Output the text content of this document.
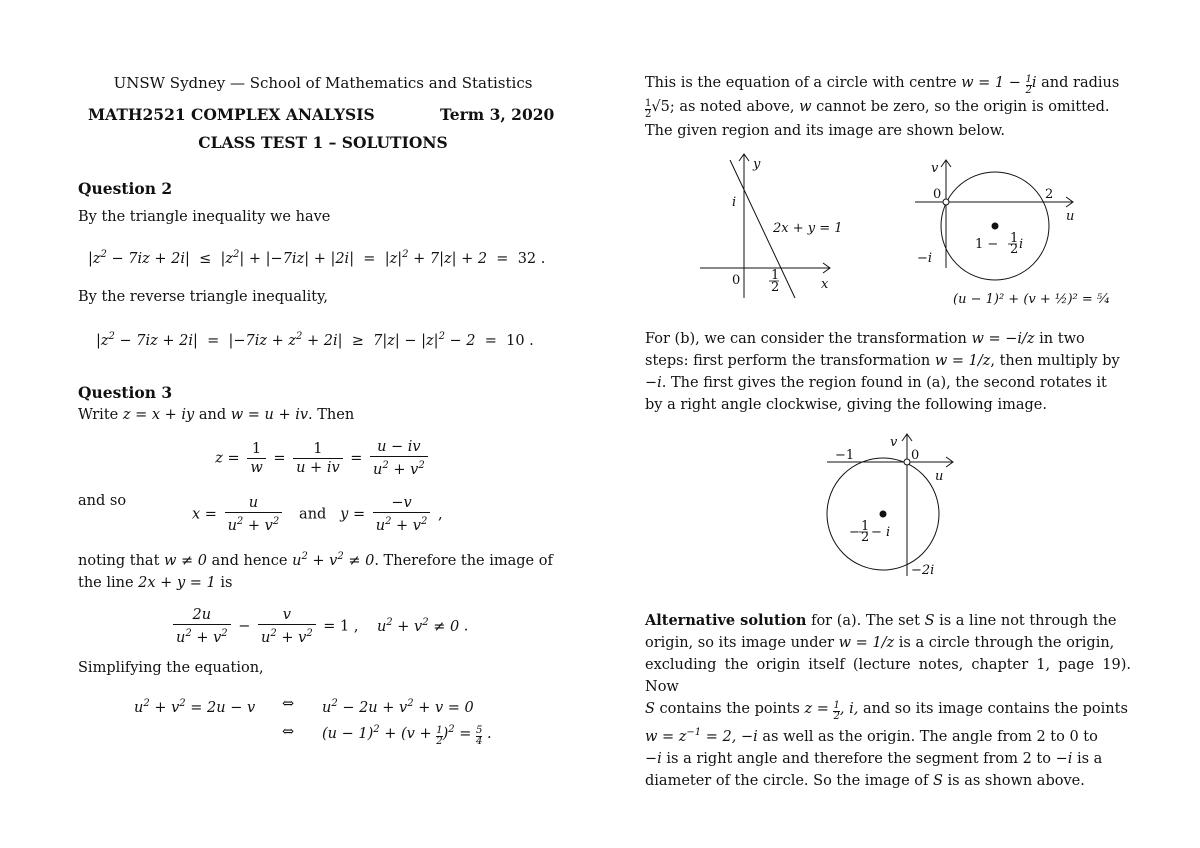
UNSW Sydney — School of Mathematics and Statistics
MATH2521 COMPLEX ANALYSIS	Term 3, 2020
CLASS TEST 1 – SOLUTIONS
Question 2
By the triangle inequality we have
$|z^2 - 7iz + 2i| \le |z^2| + |-7iz| + |2i| = |z|^2 + 7|z| + 2 = 32$ .
By the reverse triangle inequality,
$|z^2 - 7iz + 2i| = |-7iz + z^2 + 2i| \ge 7|z| - |z|^2 - 2 = 10$ .
Question 3
Write z = x + iy and w = u + iv. Then
$z = \frac{1}{w} = \frac{1}{u + iv} = \frac{u - iv}{u^2 + v^2}$
and so
$x = \frac{u}{u^2 + v^2}$ and $y = \frac{-v}{u^2 + v^2}$ ,
noting that w ≠ 0 and hence $u^2 + v^2 \ne 0$. Therefore the image of
the line 2x + y = 1 is
$\frac{2u}{u^2 + v^2} - \frac{v}{u^2 + v^2} = 1$ ,    $u^2 + v^2 \ne 0$ .
Simplifying the equation,
$u^2 + v^2 = 2u - v$ ⇔ $u^2 - 2u + v^2 + v = 0$
⇔ $(u - 1)^2 + (v + \frac{1}{2} )^2 = \frac{5}{4}$ .
This is the equation of a circle with centre $w = 1 - \frac{1}{2}$ i and radius

$\frac{1}{2} √5$; as noted above, w cannot be zero, so the origin is omitted.
The given region and its image are shown below.
y
i
2x + y = 1
0 1
2	x
v
0	2
u
−i
1 − 1
2 i
(u − 1)² + (v + ½)² = ⁵⁄₄
For (b), we can consider the transformation w = −i/z in two
steps: first perform the transformation w = 1/z, then multiply by
−i. The first gives the region found in (a), the second rotates it
by a right angle clockwise, giving the following image.
v
−1	0
u
− 1
2 − i
−2i
Alternative solution for (a). The set S is a line not through the
origin, so its image under w = 1/z is a circle through the origin,
excluding the origin itself (lecture notes, chapter 1, page 19). Now
S contains the points $z = \frac{1}{2}$ , i, and so its image contains the points
$w = z^{-1} = 2$, −i as well as the origin. The angle from 2 to 0 to
−i is a right angle and therefore the segment from 2 to −i is a
diameter of the circle. So the image of S is as shown above.
